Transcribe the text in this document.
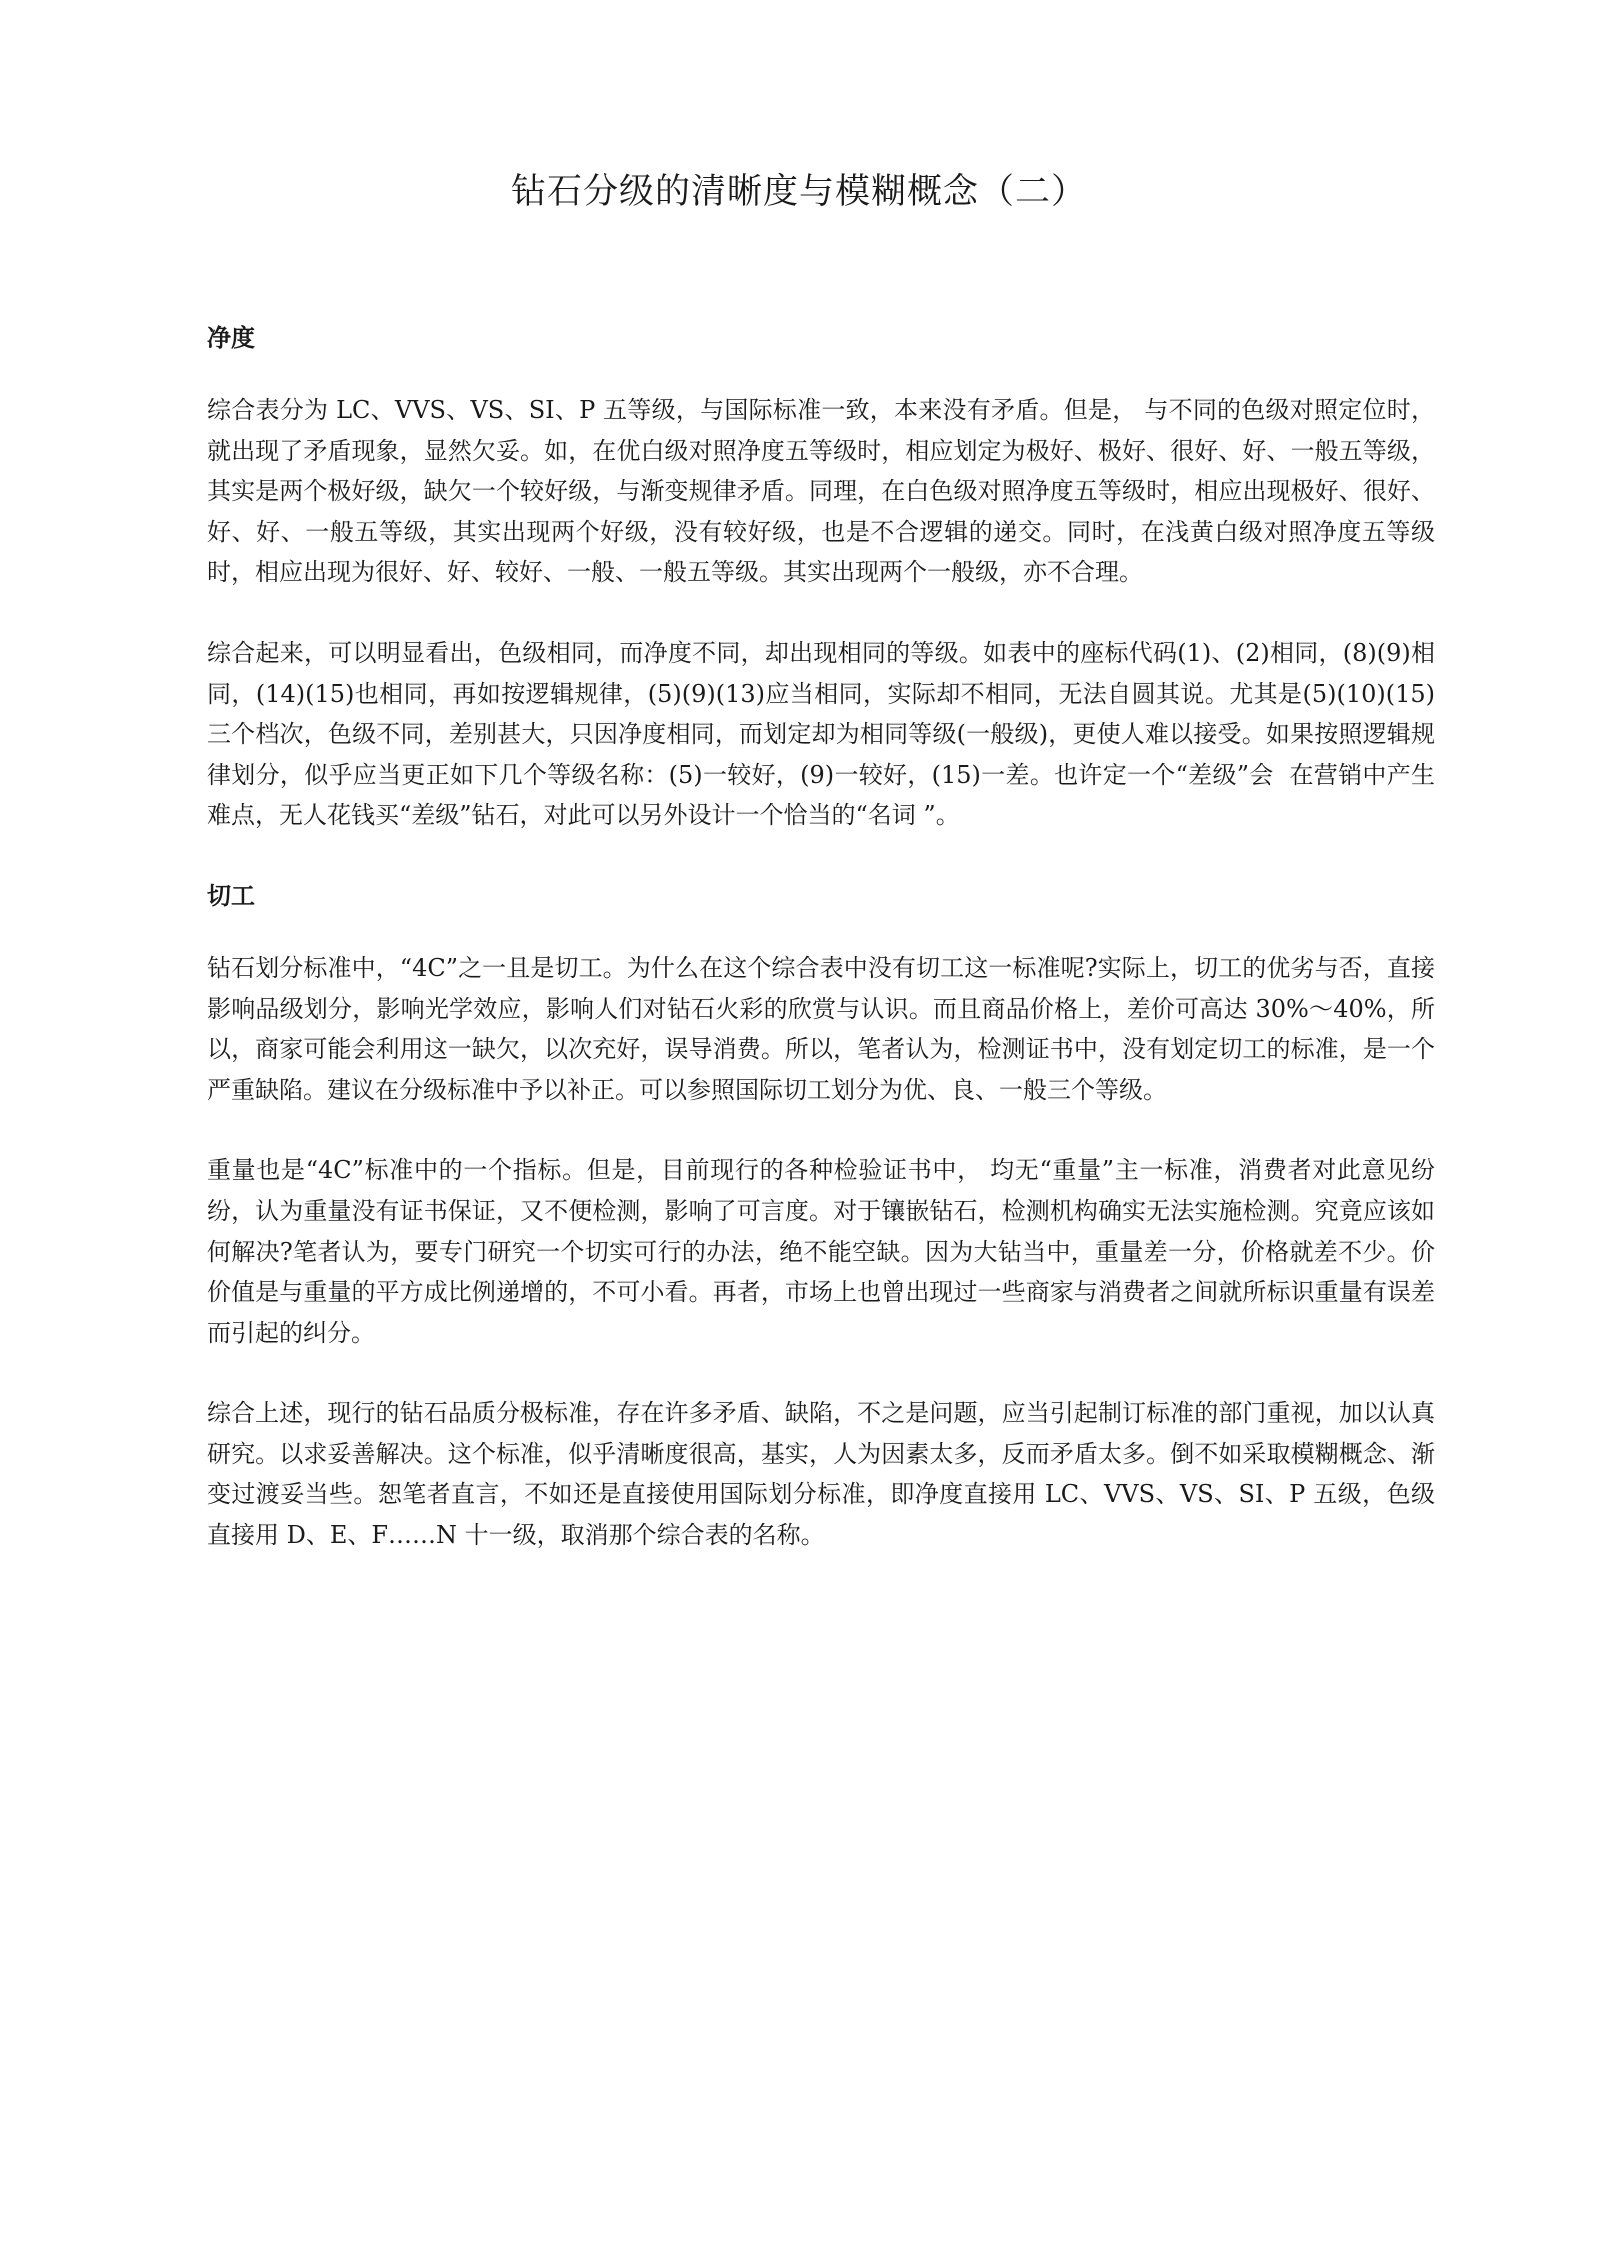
钻石分级的清晰度与模糊概念（二）
净度

综合表分为 LC、VVS、VS、SI、P 五等级，与国际标准一致，本来没有矛盾。但是， 与不同的色级对照定位时，就出现了矛盾现象，显然欠妥。如，在优白级对照净度五等级时，相应划定为极好、极好、很好、好、一般五等级，其实是两个极好级，缺欠一个较好级，与渐变规律矛盾。同理，在白色级对照净度五等级时，相应出现极好、很好、好、好、一般五等级，其实出现两个好级，没有较好级，也是不合逻辑的递交。同时，在浅黄白级对照净度五等级时，相应出现为很好、好、较好、一般、一般五等级。其实出现两个一般级，亦不合理。

综合起来，可以明显看出，色级相同，而净度不同，却出现相同的等级。如表中的座标代码(1)、(2)相同，(8)(9)相同，(14)(15)也相同，再如按逻辑规律，(5)(9)(13)应当相同，实际却不相同，无法自圆其说。尤其是(5)(10)(15)三个档次，色级不同，差别甚大，只因净度相同，而划定却为相同等级(一般级)，更使人难以接受。如果按照逻辑规律划分，似乎应当更正如下几个等级名称：(5)一较好，(9)一较好，(15)一差。也许定一个“差级”会  在营销中产生难点，无人花钱买“差级”钻石，对此可以另外设计一个恰当的“名词 ”。

切工

钻石划分标准中，“4C”之一且是切工。为什么在这个综合表中没有切工这一标准呢?实际上，切工的优劣与否，直接影响品级划分，影响光学效应，影响人们对钻石火彩的欣赏与认识。而且商品价格上，差价可高达 30%～40%，所以，商家可能会利用这一缺欠，以次充好，误导消费。所以，笔者认为，检测证书中，没有划定切工的标准，是一个严重缺陷。建议在分级标准中予以补正。可以参照国际切工划分为优、良、一般三个等级。

重量也是“4C”标准中的一个指标。但是，目前现行的各种检验证书中， 均无“重量”主一标准，消费者对此意见纷纷，认为重量没有证书保证，又不便检测，影响了可言度。对于镶嵌钻石，检测机构确实无法实施检测。究竟应该如何解决?笔者认为，要专门研究一个切实可行的办法，绝不能空缺。因为大钻当中，重量差一分，价格就差不少。价价值是与重量的平方成比例递增的，不可小看。再者，市场上也曾出现过一些商家与消费者之间就所标识重量有误差而引起的纠分。

综合上述，现行的钻石品质分极标准，存在许多矛盾、缺陷，不之是问题，应当引起制订标准的部门重视，加以认真研究。以求妥善解决。这个标准，似乎清晰度很高，基实，人为因素太多，反而矛盾太多。倒不如采取模糊概念、渐变过渡妥当些。恕笔者直言，不如还是直接使用国际划分标准，即净度直接用 LC、VVS、VS、SI、P 五级，色级直接用 D、E、F……N 十一级，取消那个综合表的名称。
